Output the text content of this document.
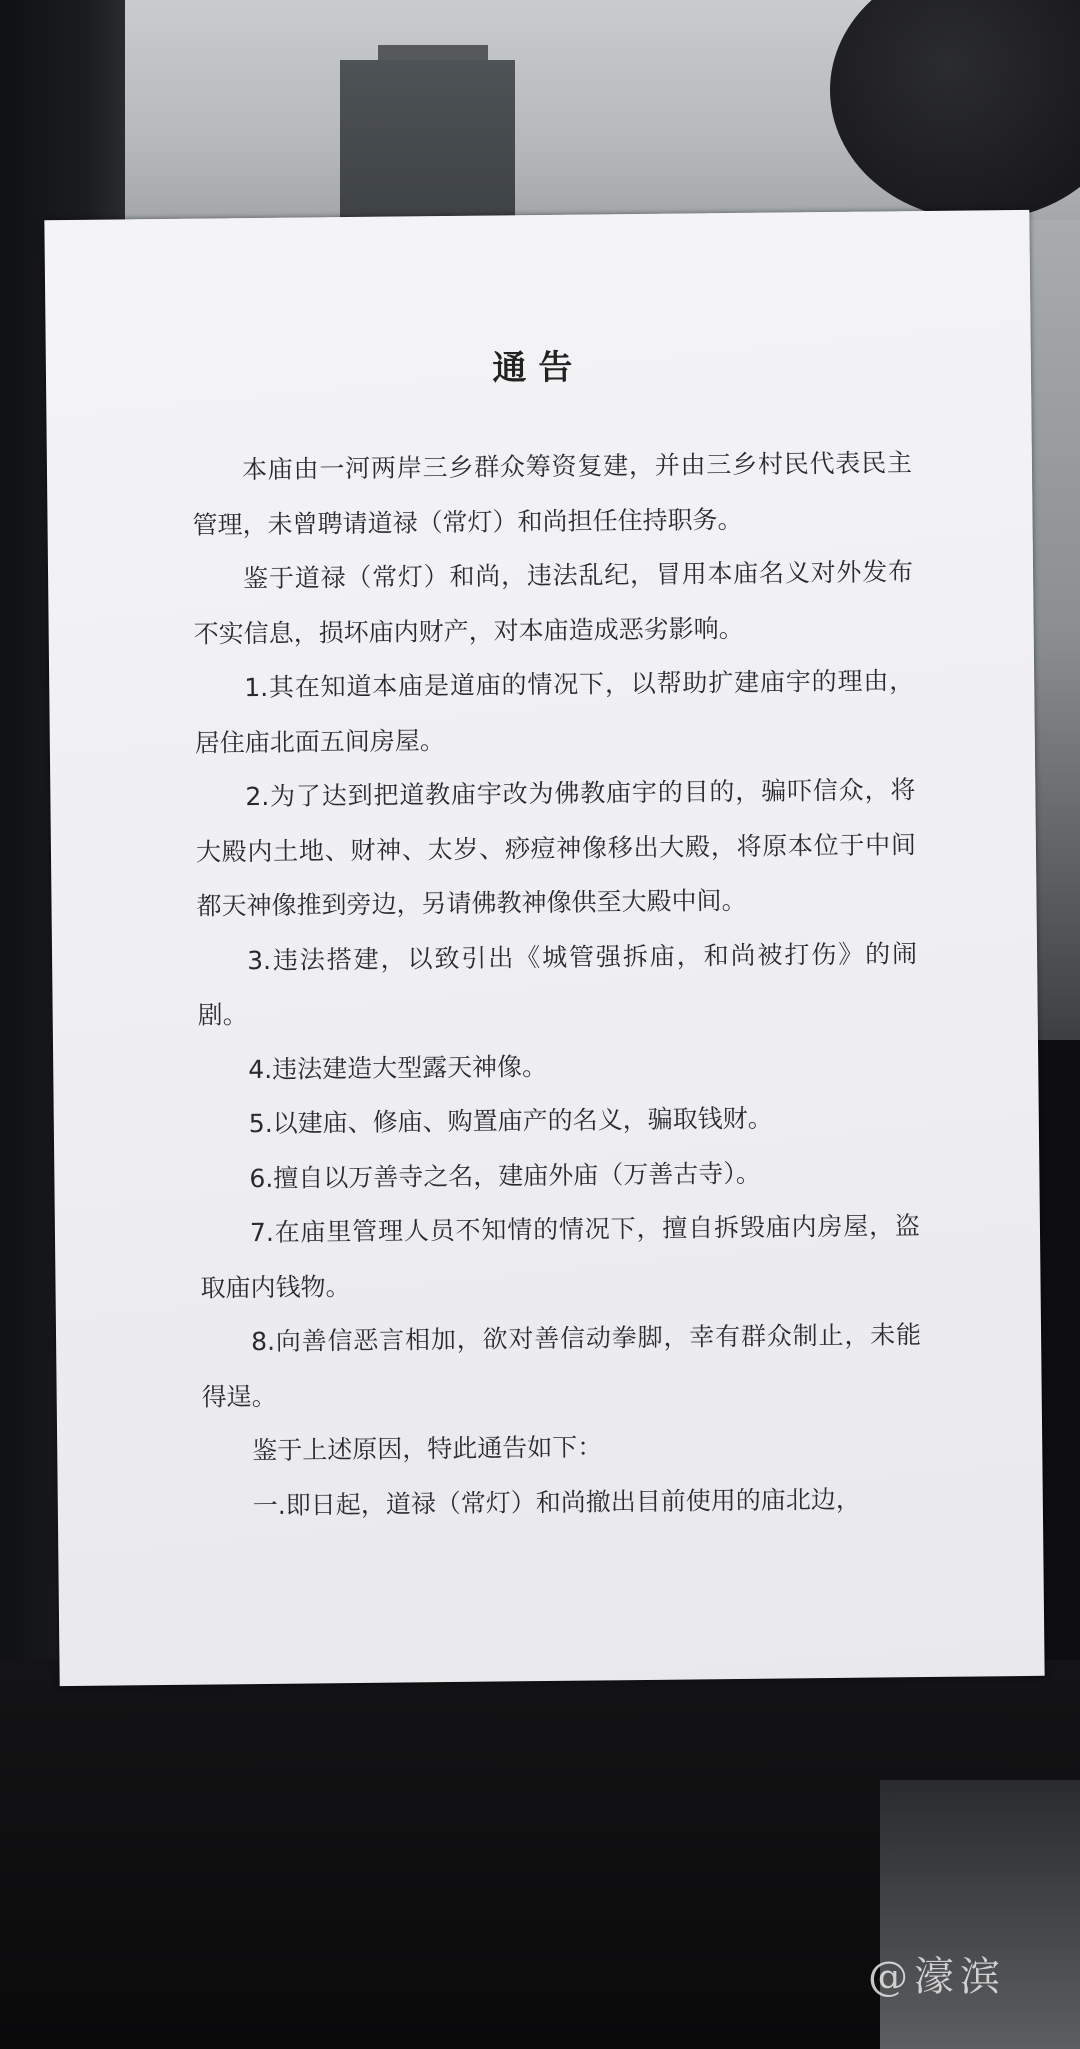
通告

本庙由一河两岸三乡群众筹资复建，并由三乡村民代表民主管理，未曾聘请道禄（常灯）和尚担任住持职务。

鉴于道禄（常灯）和尚，违法乱纪，冒用本庙名义对外发布不实信息，损坏庙内财产，对本庙造成恶劣影响。

1.其在知道本庙是道庙的情况下，以帮助扩建庙宇的理由，居住庙北面五间房屋。

2.为了达到把道教庙宇改为佛教庙宇的目的，骗吓信众，将大殿内土地、财神、太岁、痧痘神像移出大殿，将原本位于中间都天神像推到旁边，另请佛教神像供至大殿中间。

3.违法搭建，以致引出《城管强拆庙，和尚被打伤》的闹剧。

4.违法建造大型露天神像。

5.以建庙、修庙、购置庙产的名义，骗取钱财。

6.擅自以万善寺之名，建庙外庙（万善古寺）。

7.在庙里管理人员不知情的情况下，擅自拆毁庙内房屋，盗取庙内钱物。

8.向善信恶言相加，欲对善信动拳脚，幸有群众制止，未能得逞。

鉴于上述原因，特此通告如下：

一.即日起，道禄（常灯）和尚撤出目前使用的庙北边，

@濠滨
